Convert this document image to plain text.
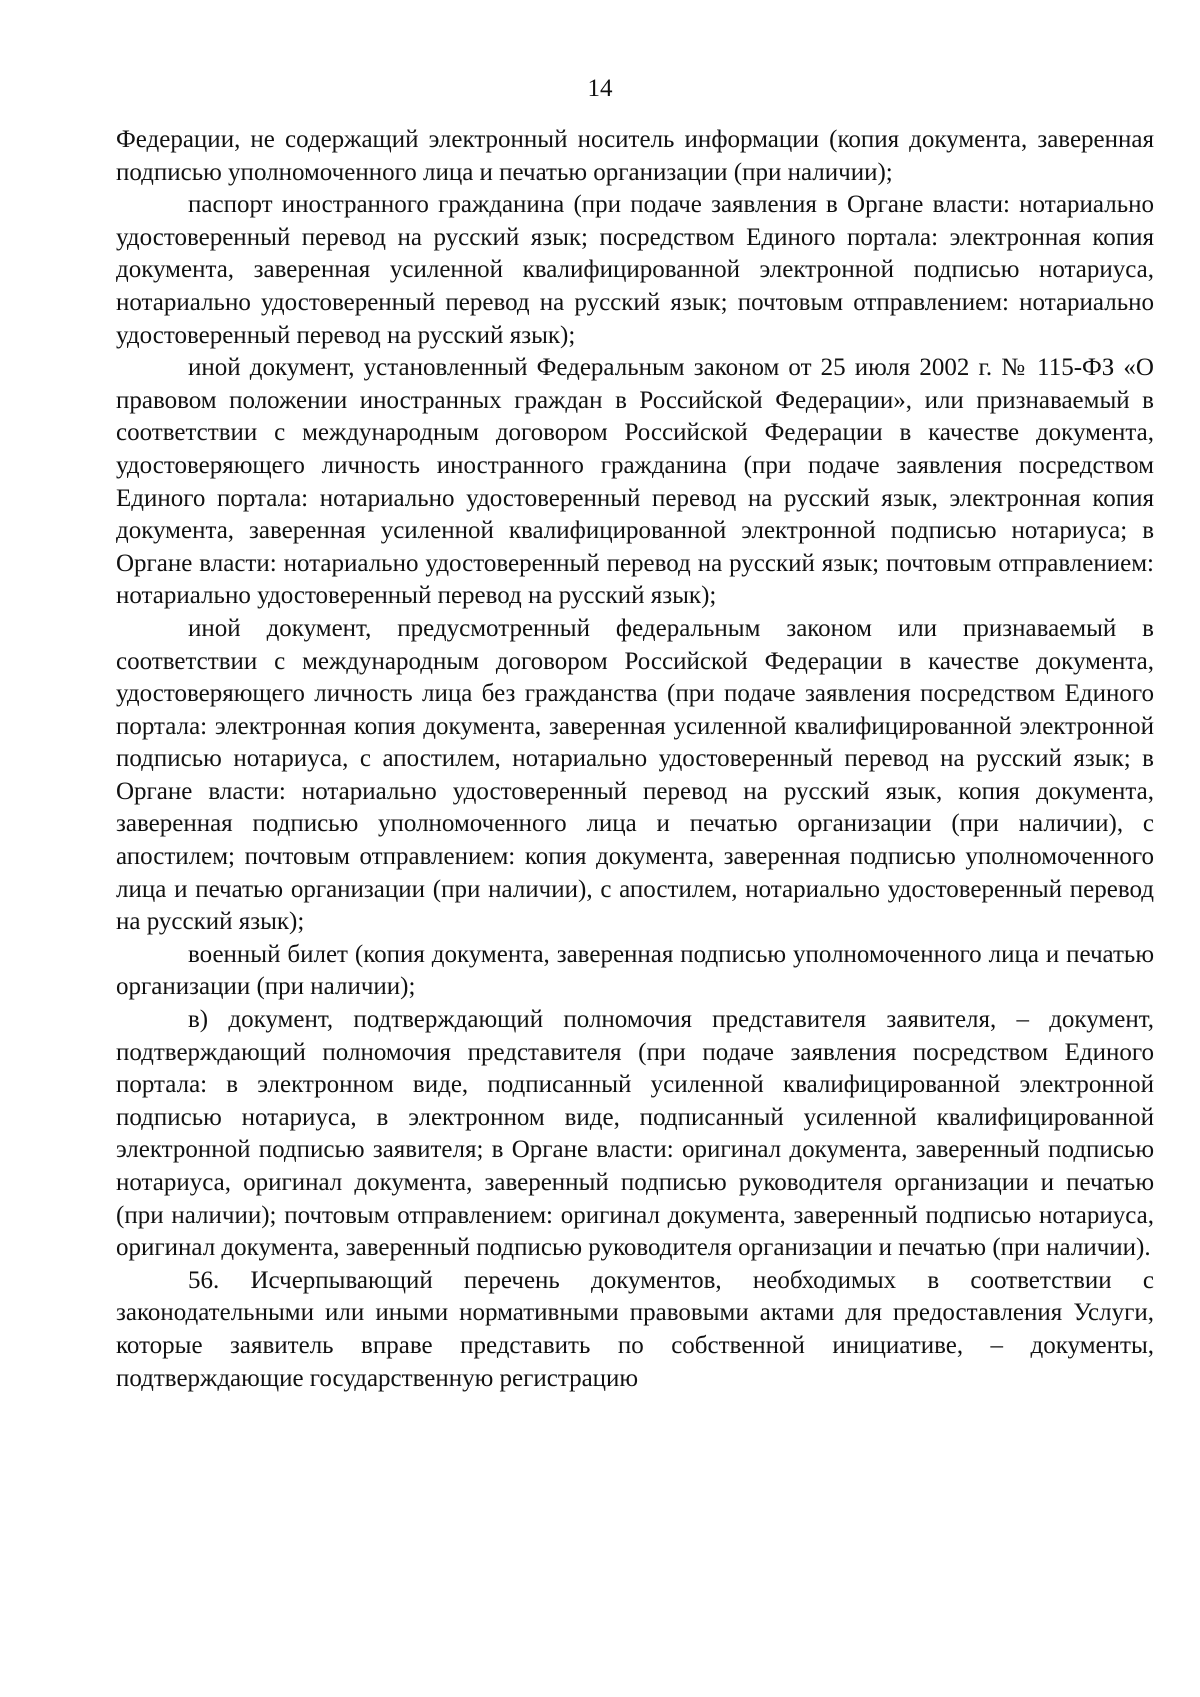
14

Федерации, не содержащий электронный носитель информации (копия документа, заверенная подписью уполномоченного лица и печатью организации (при наличии);

паспорт иностранного гражданина (при подаче заявления в Органе власти: нотариально удостоверенный перевод на русский язык; посредством Единого портала: электронная копия документа, заверенная усиленной квалифицированной электронной подписью нотариуса, нотариально удостоверенный перевод на русский язык; почтовым отправлением: нотариально удостоверенный перевод на русский язык);

иной документ, установленный Федеральным законом от 25 июля 2002 г. № 115-ФЗ «О правовом положении иностранных граждан в Российской Федерации», или признаваемый в соответствии с международным договором Российской Федерации в качестве документа, удостоверяющего личность иностранного гражданина (при подаче заявления посредством Единого портала: нотариально удостоверенный перевод на русский язык, электронная копия документа, заверенная усиленной квалифицированной электронной подписью нотариуса; в Органе власти: нотариально удостоверенный перевод на русский язык; почтовым отправлением: нотариально удостоверенный перевод на русский язык);

иной документ, предусмотренный федеральным законом или признаваемый в соответствии с международным договором Российской Федерации в качестве документа, удостоверяющего личность лица без гражданства (при подаче заявления посредством Единого портала: электронная копия документа, заверенная усиленной квалифицированной электронной подписью нотариуса, с апостилем, нотариально удостоверенный перевод на русский язык; в Органе власти: нотариально удостоверенный перевод на русский язык, копия документа, заверенная подписью уполномоченного лица и печатью организации (при наличии), с апостилем; почтовым отправлением: копия документа, заверенная подписью уполномоченного лица и печатью организации (при наличии), с апостилем, нотариально удостоверенный перевод на русский язык);

военный билет (копия документа, заверенная подписью уполномоченного лица и печатью организации (при наличии);

в) документ, подтверждающий полномочия представителя заявителя, – документ, подтверждающий полномочия представителя (при подаче заявления посредством Единого портала: в электронном виде, подписанный усиленной квалифицированной электронной подписью нотариуса, в электронном виде, подписанный усиленной квалифицированной электронной подписью заявителя; в Органе власти: оригинал документа, заверенный подписью нотариуса, оригинал документа, заверенный подписью руководителя организации и печатью (при наличии); почтовым отправлением: оригинал документа, заверенный подписью нотариуса, оригинал документа, заверенный подписью руководителя организации и печатью (при наличии).

56. Исчерпывающий перечень документов, необходимых в соответствии с законодательными или иными нормативными правовыми актами для предоставления Услуги, которые заявитель вправе представить по собственной инициативе, – документы, подтверждающие государственную регистрацию
